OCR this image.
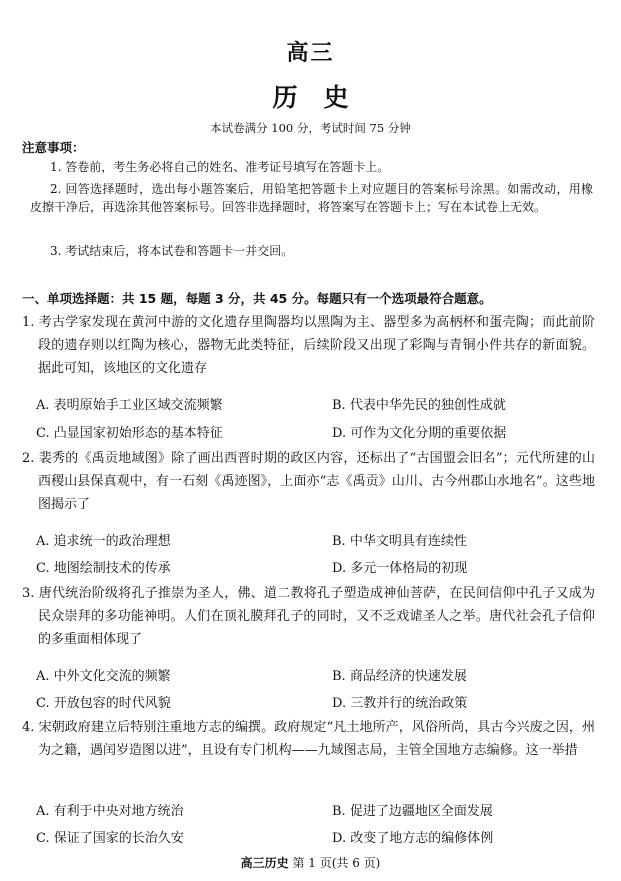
高三
历史
本试卷满分 100 分，考试时间 75 分钟
注意事项：
1. 答卷前，考生务必将自己的姓名、准考证号填写在答题卡上。
2. 回答选择题时，选出每小题答案后，用铅笔把答题卡上对应题目的答案标号涂黑。如需改动，用橡皮擦干净后，再选涂其他答案标号。回答非选择题时，将答案写在答题卡上；写在本试卷上无效。
3. 考试结束后，将本试卷和答题卡一并交回。
一、单项选择题：共 15 题，每题 3 分，共 45 分。每题只有一个选项最符合题意。
1. 考古学家发现在黄河中游的文化遗存里陶器均以黑陶为主、器型多为高柄杯和蛋壳陶；而此前阶段的遗存则以红陶为核心，器物无此类特征，后续阶段又出现了彩陶与青铜小件共存的新面貌。据此可知，该地区的文化遗存
A. 表明原始手工业区域交流频繁	B. 代表中华先民的独创性成就
C. 凸显国家初始形态的基本特征	D. 可作为文化分期的重要依据
2. 裴秀的《禹贡地域图》除了画出西晋时期的政区内容，还标出了“古国盟会旧名”；元代所建的山西稷山县保真观中，有一石刻《禹迹图》，上面亦“志《禹贡》山川、古今州郡山水地名”。这些地图揭示了
A. 追求统一的政治理想	B. 中华文明具有连续性
C. 地图绘制技术的传承	D. 多元一体格局的初现
3. 唐代统治阶级将孔子推崇为圣人，佛、道二教将孔子塑造成神仙菩萨，在民间信仰中孔子又成为民众崇拜的多功能神明。人们在顶礼膜拜孔子的同时，又不乏戏谑圣人之举。唐代社会孔子信仰的多重面相体现了
A. 中外文化交流的频繁	B. 商品经济的快速发展
C. 开放包容的时代风貌	D. 三教并行的统治政策
4. 宋朝政府建立后特别注重地方志的编撰。政府规定“凡土地所产，风俗所尚，具古今兴废之因，州为之籍，遇闰岁造图以进”，且设有专门机构——九域图志局，主管全国地方志编修。这一举措
A. 有利于中央对地方统治	B. 促进了边疆地区全面发展
C. 保证了国家的长治久安	D. 改变了地方志的编修体例
高三历史 第 1 页(共 6 页)
